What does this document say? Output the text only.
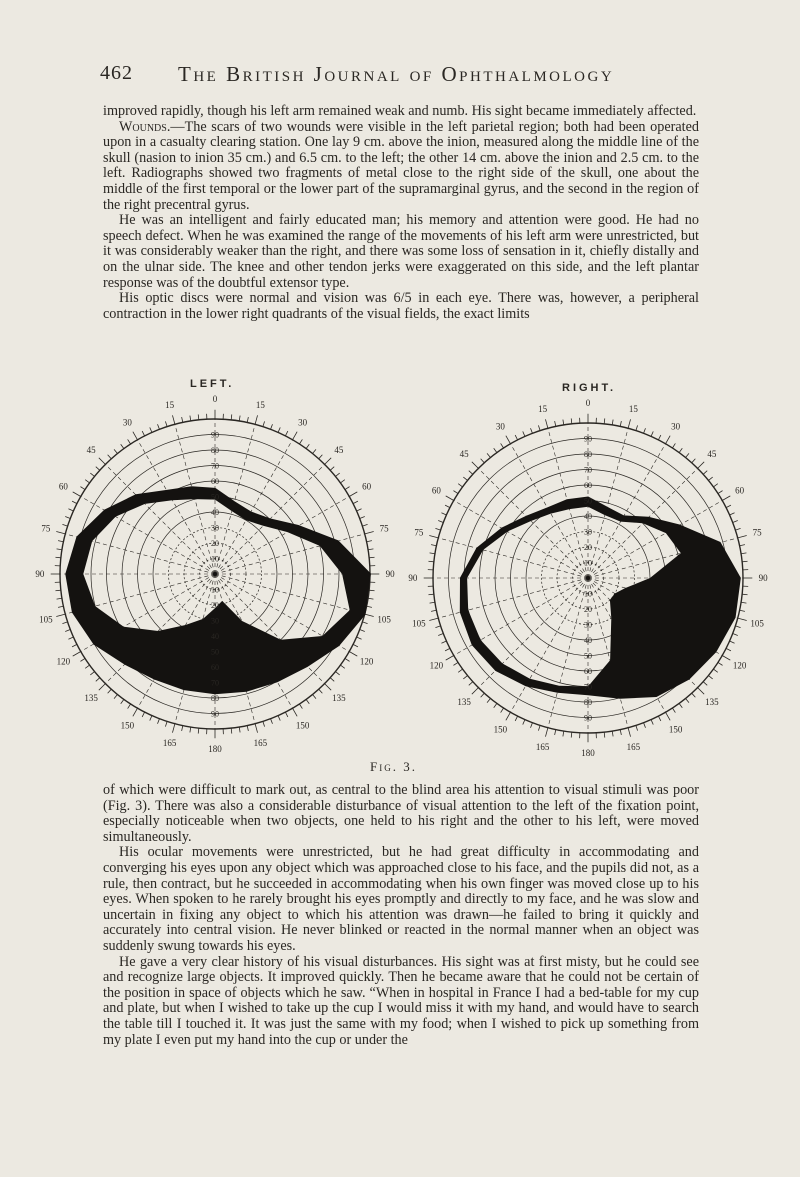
462 The British Journal of Ophthalmology

improved rapidly, though his left arm remained weak and numb. His sight became immediately affected.

Wounds.—The scars of two wounds were visible in the left parietal region; both had been operated upon in a casualty clearing station. One lay 9 cm. above the inion, measured along the middle line of the skull (nasion to inion 35 cm.) and 6.5 cm. to the left; the other 14 cm. above the inion and 2.5 cm. to the left. Radiographs showed two fragments of metal close to the right side of the skull, one about the middle of the first temporal or the lower part of the supramarginal gyrus, and the second in the region of the right precentral gyrus.

He was an intelligent and fairly educated man; his memory and attention were good. He had no speech defect. When he was examined the range of the movements of his left arm were unrestricted, but it was considerably weaker than the right, and there was some loss of sensation in it, chiefly distally and on the ulnar side. The knee and other tendon jerks were exaggerated on this side, and the left plantar response was of the doubtful extensor type.

His optic discs were normal and vision was 6/5 in each eye. There was, however, a peripheral contraction in the lower right quadrants of the visual fields, the exact limits

LEFT.	RIGHT.
10
10
20
20
30
30
40
40
50
50
60
60
70
70
80
80
90
90
0
15
30
45
60
75
90
105
120
135
150
165
180
165
150
135
120
105
90
75
60
45
30
15
10
10
20
20
30
30
40
40
50
50
60
60
70
70
80
80
90
90
0
15
30
45
60
75
90
105
120
135
150
165
180
165
150
135
120
105
90
75
60
45
30
15
Fig. 3.

of which were difficult to mark out, as central to the blind area his attention to visual stimuli was poor (Fig. 3). There was also a considerable disturbance of visual attention to the left of the fixation point, especially noticeable when two objects, one held to his right and the other to his left, were moved simultaneously.

His ocular movements were unrestricted, but he had great difficulty in accommodating and converging his eyes upon any object which was approached close to his face, and the pupils did not, as a rule, then contract, but he succeeded in accommodating when his own finger was moved close up to his eyes. When spoken to he rarely brought his eyes promptly and directly to my face, and he was slow and uncertain in fixing any object to which his attention was drawn—he failed to bring it quickly and accurately into central vision. He never blinked or reacted in the normal manner when an object was suddenly swung towards his eyes.

He gave a very clear history of his visual disturbances. His sight was at first misty, but he could see and recognize large objects. It improved quickly. Then he became aware that he could not be certain of the position in space of objects which he saw. “When in hospital in France I had a bed-table for my cup and plate, but when I wished to take up the cup I would miss it with my hand, and would have to search the table till I touched it. It was just the same with my food; when I wished to pick up something from my plate I even put my hand into the cup or under the
